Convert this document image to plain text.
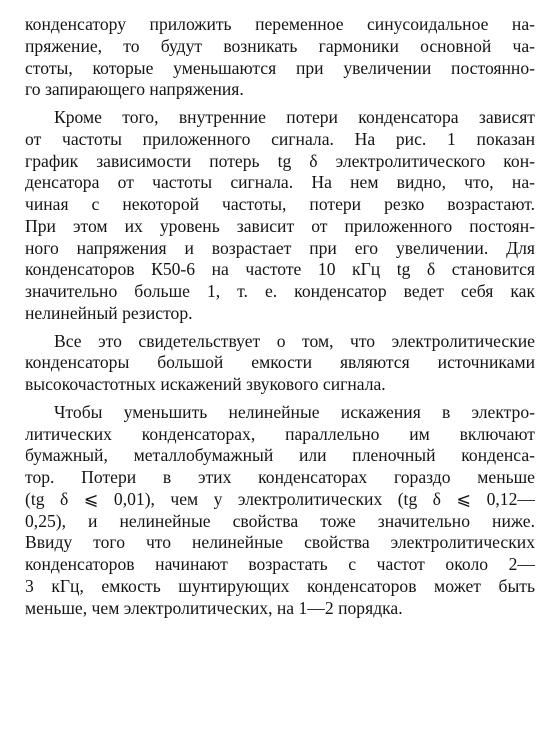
конденсатору приложить переменное синусоидальное на-
пряжение, то будут возникать гармоники основной ча-
стоты, которые уменьшаются при увеличении постоянно-
го запирающего напряжения.
Кроме того, внутренние потери конденсатора зависят
от частоты приложенного сигнала. На рис. 1 показан
график зависимости потерь tg δ электролитического кон-
денсатора от частоты сигнала. На нем видно, что, на-
чиная с некоторой частоты, потери резко возрастают.
При этом их уровень зависит от приложенного постоян-
ного напряжения и возрастает при его увеличении. Для
конденсаторов К50-6 на частоте 10 кГц tg δ становится
значительно больше 1, т. е. конденсатор ведет себя как
нелинейный резистор.
Все это свидетельствует о том, что электролитические
конденсаторы большой емкости являются источниками
высокочастотных искажений звукового сигнала.
Чтобы уменьшить нелинейные искажения в электро-
литических конденсаторах, параллельно им включают
бумажный, металлобумажный или пленочный конденса-
тор. Потери в этих конденсаторах гораздо меньше
(tg δ ⩽ 0,01), чем у электролитических (tg δ ⩽ 0,12—
0,25), и нелинейные свойства тоже значительно ниже.
Ввиду того что нелинейные свойства электролитических
конденсаторов начинают возрастать с частот около 2—
3 кГц, емкость шунтирующих конденсаторов может быть
меньше, чем электролитических, на 1—2 порядка.
